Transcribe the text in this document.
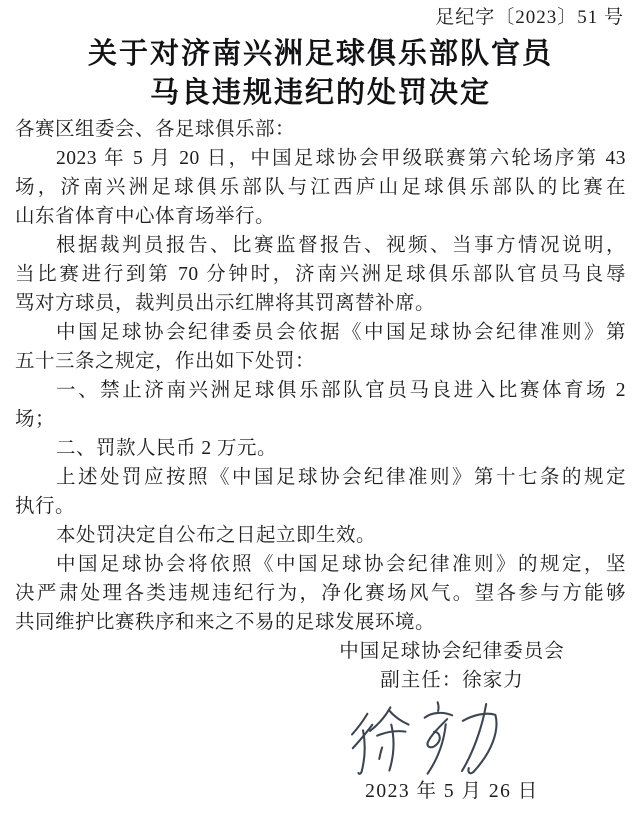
足纪字〔2023〕51 号
关于对济南兴洲足球俱乐部队官员
马良违规违纪的处罚决定
各赛区组委会、各足球俱乐部：
2023 年 5 月 20 日，中国足球协会甲级联赛第六轮场序第 43
场，济南兴洲足球俱乐部队与江西庐山足球俱乐部队的比赛在
山东省体育中心体育场举行。
根据裁判员报告、比赛监督报告、视频、当事方情况说明，
当比赛进行到第 70 分钟时，济南兴洲足球俱乐部队官员马良辱
骂对方球员，裁判员出示红牌将其罚离替补席。
中国足球协会纪律委员会依据《中国足球协会纪律准则》第
五十三条之规定，作出如下处罚：
一、禁止济南兴洲足球俱乐部队官员马良进入比赛体育场 2
场；
二、罚款人民币 2 万元。
上述处罚应按照《中国足球协会纪律准则》第十七条的规定
执行。
本处罚决定自公布之日起立即生效。
中国足球协会将依照《中国足球协会纪律准则》的规定，坚
决严肃处理各类违规违纪行为，净化赛场风气。望各参与方能够
共同维护比赛秩序和来之不易的足球发展环境。
中国足球协会纪律委员会
副主任：徐家力
2023 年 5 月 26 日
